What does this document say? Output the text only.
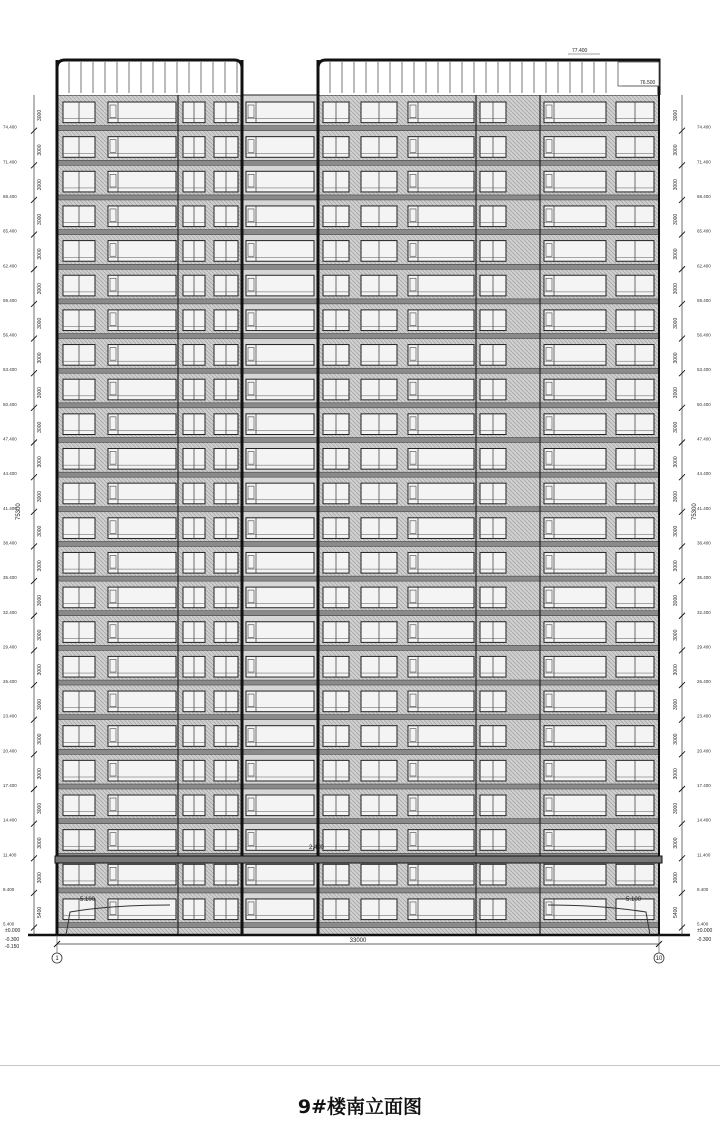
5.100	5.100
2.400
77.400
76.500
3000
74.400
3000
71.400
3000
68.400
3000
65.400
3000
62.400
3000
59.400
3000
56.400
3000
53.400
3000
50.400
3000
47.400
3000
44.400
3000
41.400
3000
38.400
3000
35.400
3000
32.400
3000
29.400
3000
26.400
3000
23.400
3000
20.400
3000
17.400
3000
14.400
3000
11.400
3000
8.400
5400
5.400
3000
74.400
3000
71.400
3000
68.400
3000
65.400
3000
62.400
3000
59.400
3000
56.400
3000
53.400
3000
50.400
3000
47.400
3000
44.400
3000
41.400
3000
38.400
3000
35.400
3000
32.400
3000
29.400
3000
26.400
3000
23.400
3000
20.400
3000
17.400
3000
14.400
3000
11.400
3000
8.400
5400
5.400
75300	75300
±0.000
-0.300
-0.150
±0.000
-0.300
33000
1	10
9#楼南立面图
